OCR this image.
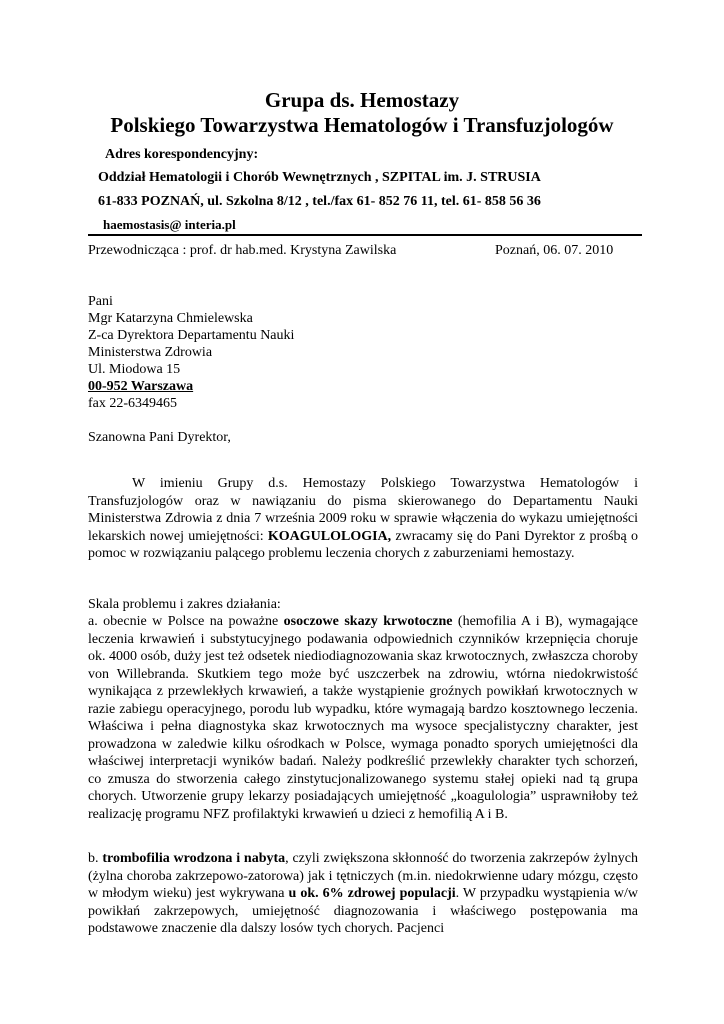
Grupa ds. Hemostazy
Polskiego Towarzystwa Hematologów i Transfuzjologów
Adres korespondencyjny:
Oddział Hematologii i Chorób Wewnętrznych , SZPITAL im. J. STRUSIA
61-833 POZNAŃ, ul. Szkolna 8/12 , tel./fax 61- 852 76 11, tel. 61- 858 56 36
haemostasis@ interia.pl
Przewodnicząca : prof. dr hab.med. Krystyna Zawilska	Poznań, 06. 07. 2010
Pani
Mgr Katarzyna Chmielewska
Z-ca Dyrektora Departamentu Nauki
Ministerstwa Zdrowia
Ul. Miodowa 15
00-952 Warszawa
fax 22-6349465
Szanowna Pani Dyrektor,
W imieniu Grupy d.s. Hemostazy Polskiego Towarzystwa Hematologów i Transfuzjologów oraz w nawiązaniu do pisma skierowanego do Departamentu Nauki Ministerstwa Zdrowia z dnia 7 września 2009 roku w sprawie włączenia do wykazu umiejętności lekarskich nowej umiejętności: KOAGULOLOGIA, zwracamy się do Pani Dyrektor z prośbą o pomoc w rozwiązaniu palącego problemu leczenia chorych z zaburzeniami hemostazy.
Skala problemu i zakres działania:
a. obecnie w Polsce na poważne osoczowe skazy krwotoczne (hemofilia A i B), wymagające leczenia krwawień i substytucyjnego podawania odpowiednich czynników krzepnięcia choruje ok. 4000 osób, duży jest też odsetek niediodiagnozowania skaz krwotocznych, zwłaszcza choroby von Willebranda. Skutkiem tego może być uszczerbek na zdrowiu, wtórna niedokrwistość wynikająca z przewlekłych krwawień, a także wystąpienie groźnych powikłań krwotocznych w razie zabiegu operacyjnego, porodu lub wypadku, które wymagają bardzo kosztownego leczenia. Właściwa i pełna diagnostyka skaz krwotocznych ma wysoce specjalistyczny charakter, jest prowadzona w zaledwie kilku ośrodkach w Polsce, wymaga ponadto sporych umiejętności dla właściwej interpretacji wyników badań. Należy podkreślić przewlekły charakter tych schorzeń, co zmusza do stworzenia całego zinstytucjonalizowanego systemu stałej opieki nad tą grupa chorych. Utworzenie grupy lekarzy posiadających umiejętność „koagulologia” usprawniłoby też realizację programu NFZ profilaktyki krwawień u dzieci z hemofilią A i B.
b. trombofilia wrodzona i nabyta, czyli zwiększona skłonność do tworzenia zakrzepów żylnych (żylna choroba zakrzepowo-zatorowa) jak i tętniczych (m.in. niedokrwienne udary mózgu, często w młodym wieku) jest wykrywana u ok. 6% zdrowej populacji. W przypadku wystąpienia w/w powikłań zakrzepowych, umiejętność diagnozowania i właściwego postępowania ma podstawowe znaczenie dla dalszy losów tych chorych. Pacjenci
